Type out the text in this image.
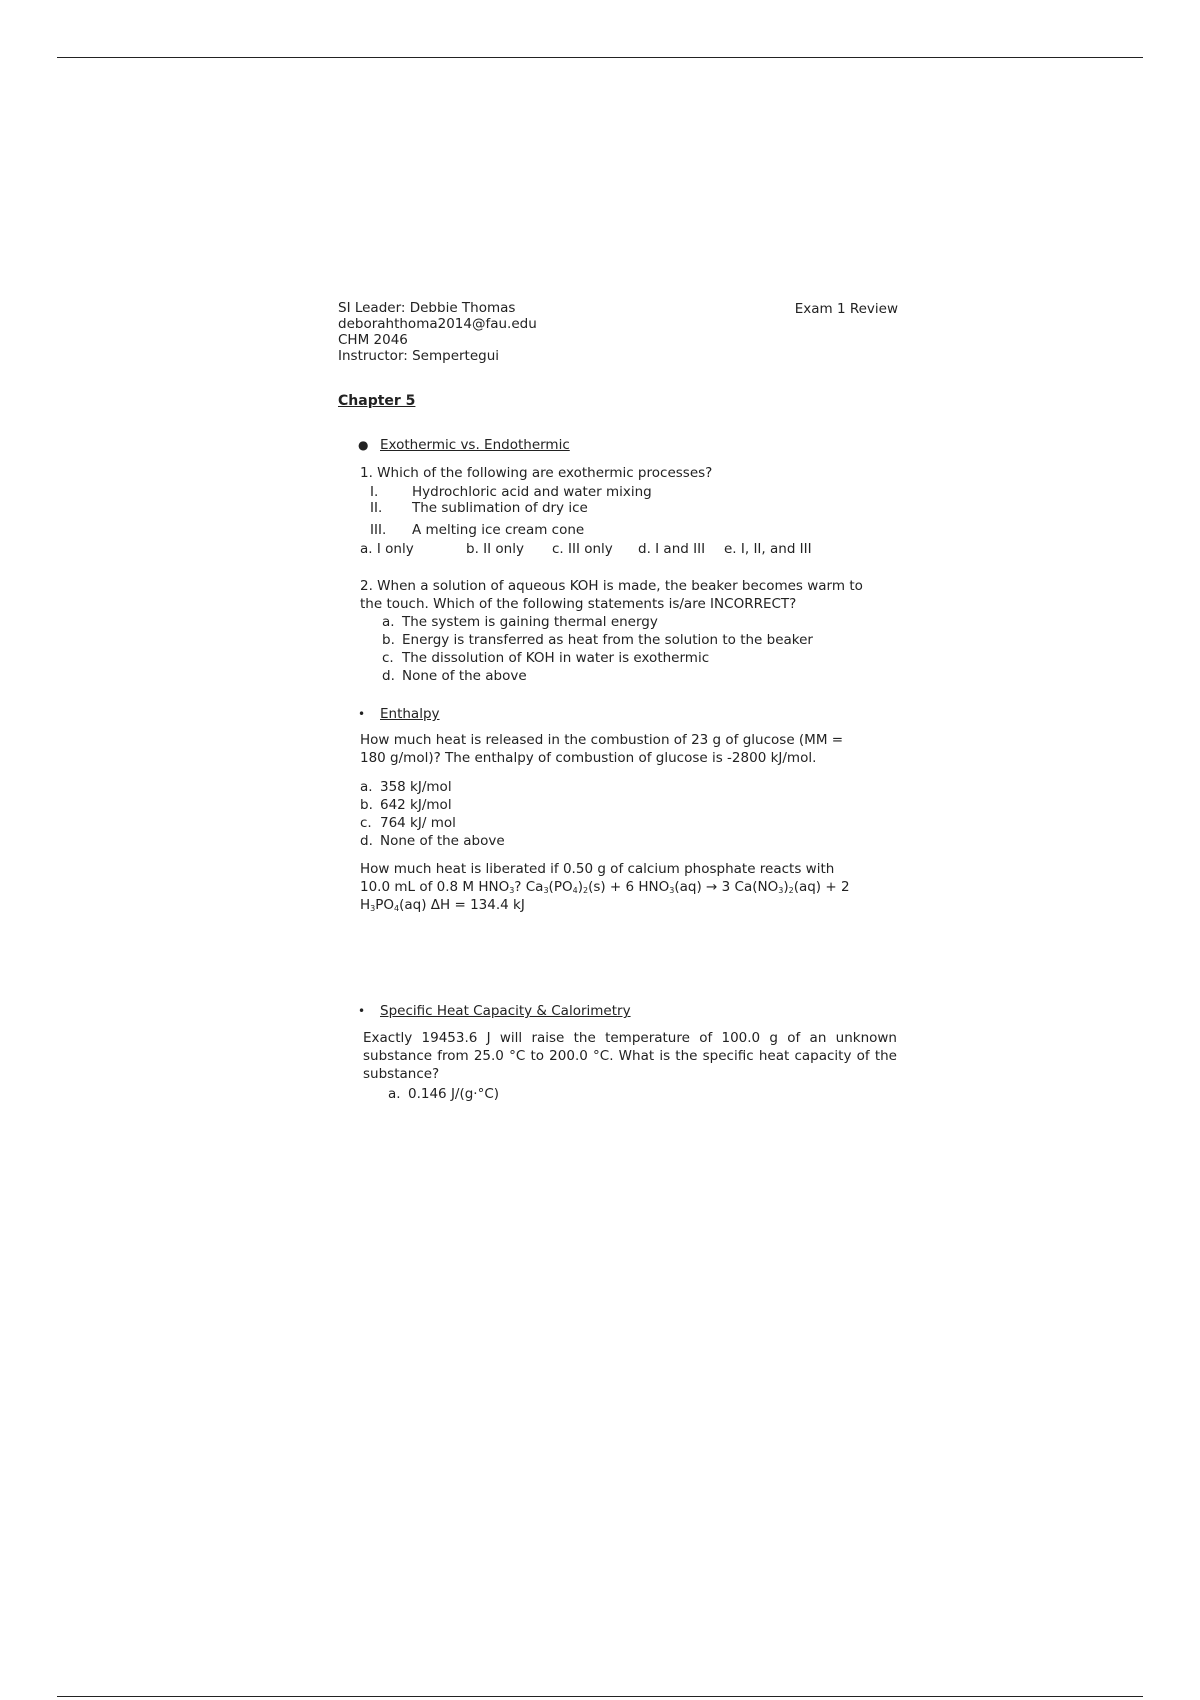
SI Leader: Debbie Thomas
deborahthoma2014@fau.edu
CHM 2046
Instructor: Sempertegui
Exam 1 Review
Chapter 5
● Exothermic vs. Endothermic
1. Which of the following are exothermic processes?
I.	Hydrochloric acid and water mixing
II.	The sublimation of dry ice
III.	A melting ice cream cone
a. I only	b. II only	c. III only	d. I and III	e. I, II, and III
2. When a solution of aqueous KOH is made, the beaker becomes warm to
the touch. Which of the following statements is/are INCORRECT?
a. The system is gaining thermal energy
b. Energy is transferred as heat from the solution to the beaker
c. The dissolution of KOH in water is exothermic
d. None of the above
•	Enthalpy
How much heat is released in the combustion of 23 g of glucose (MM =
180 g/mol)? The enthalpy of combustion of glucose is -2800 kJ/mol.
a. 358 kJ/mol
b. 642 kJ/mol
c. 764 kJ/ mol
d. None of the above
How much heat is liberated if 0.50 g of calcium phosphate reacts with
10.0 mL of 0.8 M $HNO_3$? $Ca_3(PO_4)_2(s) + 6$ $HNO_3(aq) \to 3$ $Ca(NO_3)_2(aq) + 2$
$H_3PO_4(aq) \Delta H = 134.4$ kJ
•	Specific Heat Capacity & Calorimetry
Exactly 19453.6 J will raise the temperature of 100.0 g of an unknown substance from 25.0 °C to 200.0 °C. What is the specific heat capacity of the substance?
a. 0.146 J/(g·°C)
